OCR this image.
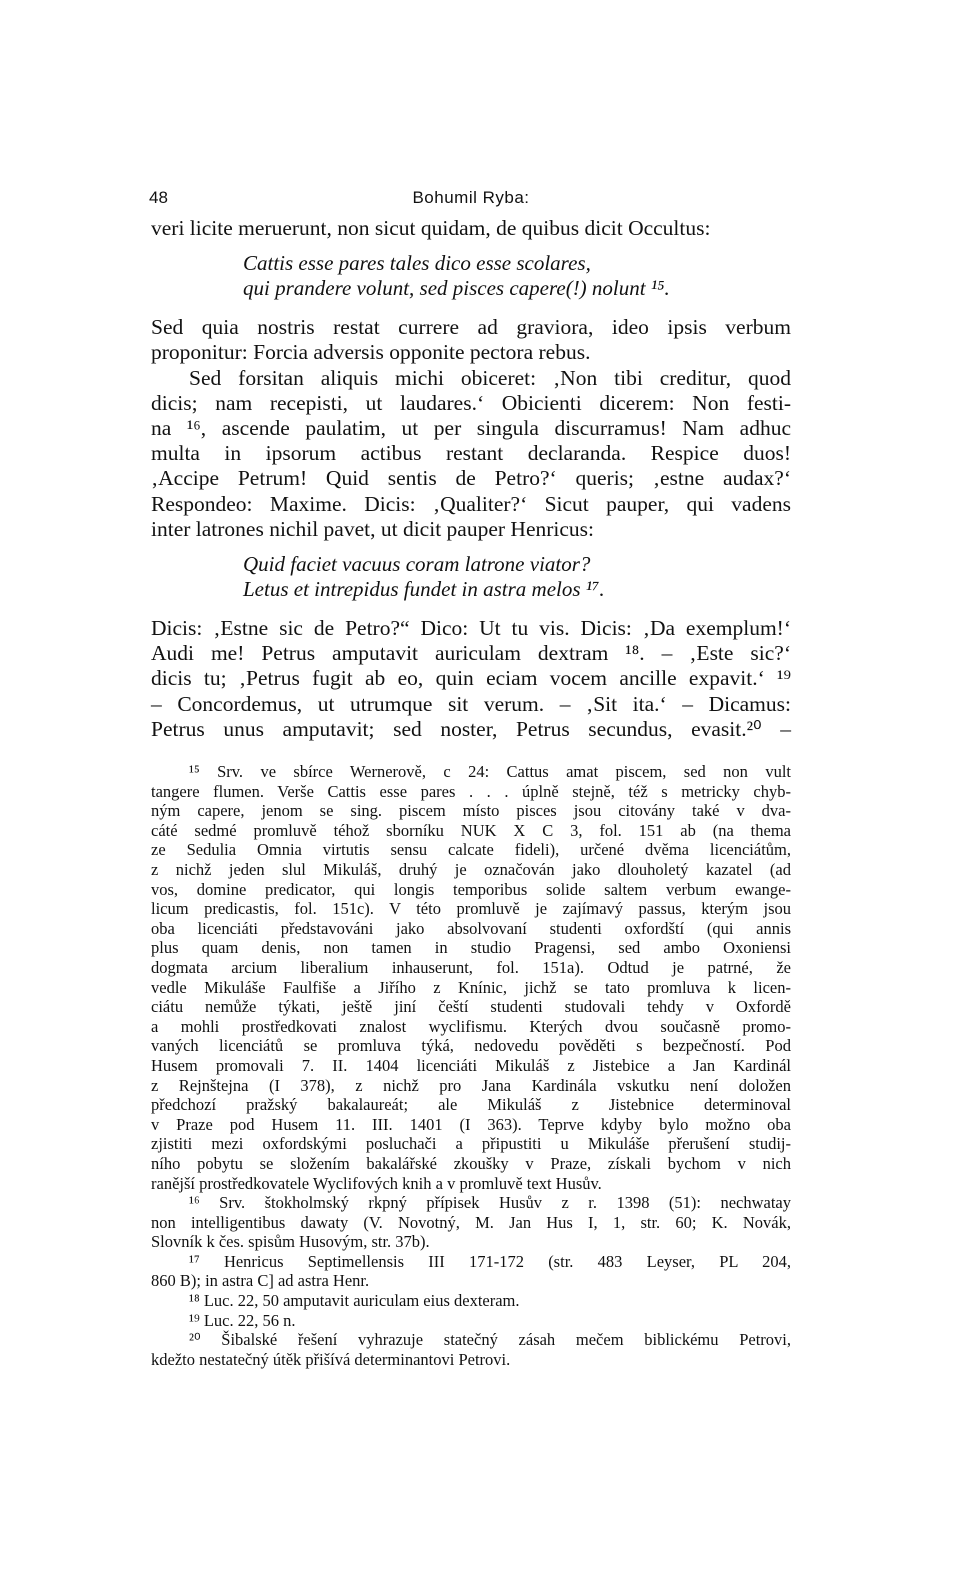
48	Bohumil Ryba:
veri licite meruerunt, non sicut quidam, de quibus dicit Occultus:
Cattis esse pares tales dico esse scolares,
qui prandere volunt, sed pisces capere(!) nolunt ¹⁵.
Sed quia nostris restat currere ad graviora, ideo ipsis verbum
proponitur: Forcia adversis opponite pectora rebus.
Sed forsitan aliquis michi obiceret: ‚Non tibi creditur, quod
dicis; nam recepisti, ut laudares.‘ Obicienti dicerem: Non festi-
na ¹⁶, ascende paulatim, ut per singula discurramus! Nam adhuc
multa in ipsorum actibus restant declaranda. Respice duos!
‚Accipe Petrum! Quid sentis de Petro?‘ queris; ‚estne audax?‘
Respondeo: Maxime. Dicis: ‚Qualiter?‘ Sicut pauper, qui vadens
inter latrones nichil pavet, ut dicit pauper Henricus:
Quid faciet vacuus coram latrone viator?
Letus et intrepidus fundet in astra melos ¹⁷.
Dicis: ‚Estne sic de Petro?“ Dico: Ut tu vis. Dicis: ‚Da exemplum!‘
Audi me! Petrus amputavit auriculam dextram ¹⁸. – ‚Este sic?‘
dicis tu; ‚Petrus fugit ab eo, quin eciam vocem ancille expavit.‘ ¹⁹
– Concordemus, ut utrumque sit verum. – ‚Sit ita.‘ – Dicamus:
Petrus unus amputavit; sed noster, Petrus secundus, evasit.²⁰ –
¹⁵ Srv. ve sbírce Wernerově, c 24: Cattus amat piscem, sed non vult
tangere flumen. Verše Cattis esse pares . . . úplně stejně, též s metricky chyb-
ným capere, jenom se sing. piscem místo pisces jsou citovány také v dva-
cáté sedmé promluvě téhož sborníku NUK X C 3, fol. 151 ab (na themа
ze Sedulia Omnia virtutis sensu calcate fideli), určené dvěma licenciátům,
z nichž jeden slul Mikuláš, druhý je označován jako dlouholetý kazatel (ad
vos, domine predicator, qui longis temporibus solide saltem verbum ewange-
licum predicastis, fol. 151c). V této promluvě je zajímavý passus, kterým jsou
oba licenciáti představováni jako absolvovaní studenti oxfordští (qui annis
plus quam denis, non tamen in studio Pragensi, sed ambo Oxoniensi
dogmata arcium liberalium inhauserunt, fol. 151a). Odtud je patrné, že
vedle Mikuláše Faulfiše a Jiřího z Knínic, jichž se tato promluva k licen-
ciátu nemůže týkati, ještě jiní čeští studenti studovali tehdy v Oxfordě
a mohli prostředkovati znalost wyclifismu. Kterých dvou současně promo-
vaných licenciátů se promluva týká, nedovedu pověděti s bezpečností. Pod
Husem promovali 7. II. 1404 licenciáti Mikuláš z Jistebice a Jan Kardinál
z Rejnštejna (I 378), z nichž pro Jana Kardinála vskutku není doložen
předchozí pražský bakalaureát; ale Mikuláš z Jistebnice determinoval
v Praze pod Husem 11. III. 1401 (I 363). Teprve kdyby bylo možno oba
zjistiti mezi oxfordskými posluchači a připustiti u Mikuláše přerušení studij-
ního pobytu se složením bakalářské zkoušky v Praze, získali bychom v nich
ranější prostředkovatele Wyclifových knih a v promluvě text Husův.
¹⁶ Srv. štokholmský rkpný přípisek Husův z r. 1398 (51): nechwatay
non intelligentibus dawaty (V. Novotný, M. Jan Hus I, 1, str. 60; K. Novák,
Slovník k čes. spisům Husovým, str. 37b).
¹⁷ Henricus Septimellensis III 171-172 (str. 483 Leyser, PL 204,
860 B); in astra C] ad astra Henr.
¹⁸ Luc. 22, 50 amputavit auriculam eius dexteram.
¹⁹ Luc. 22, 56 n.
²⁰ Šibalské řešení vyhrazuje statečný zásah mečem biblickému Petrovi,
kdežto nestatečný útěk přišívá determinantovi Petrovi.
